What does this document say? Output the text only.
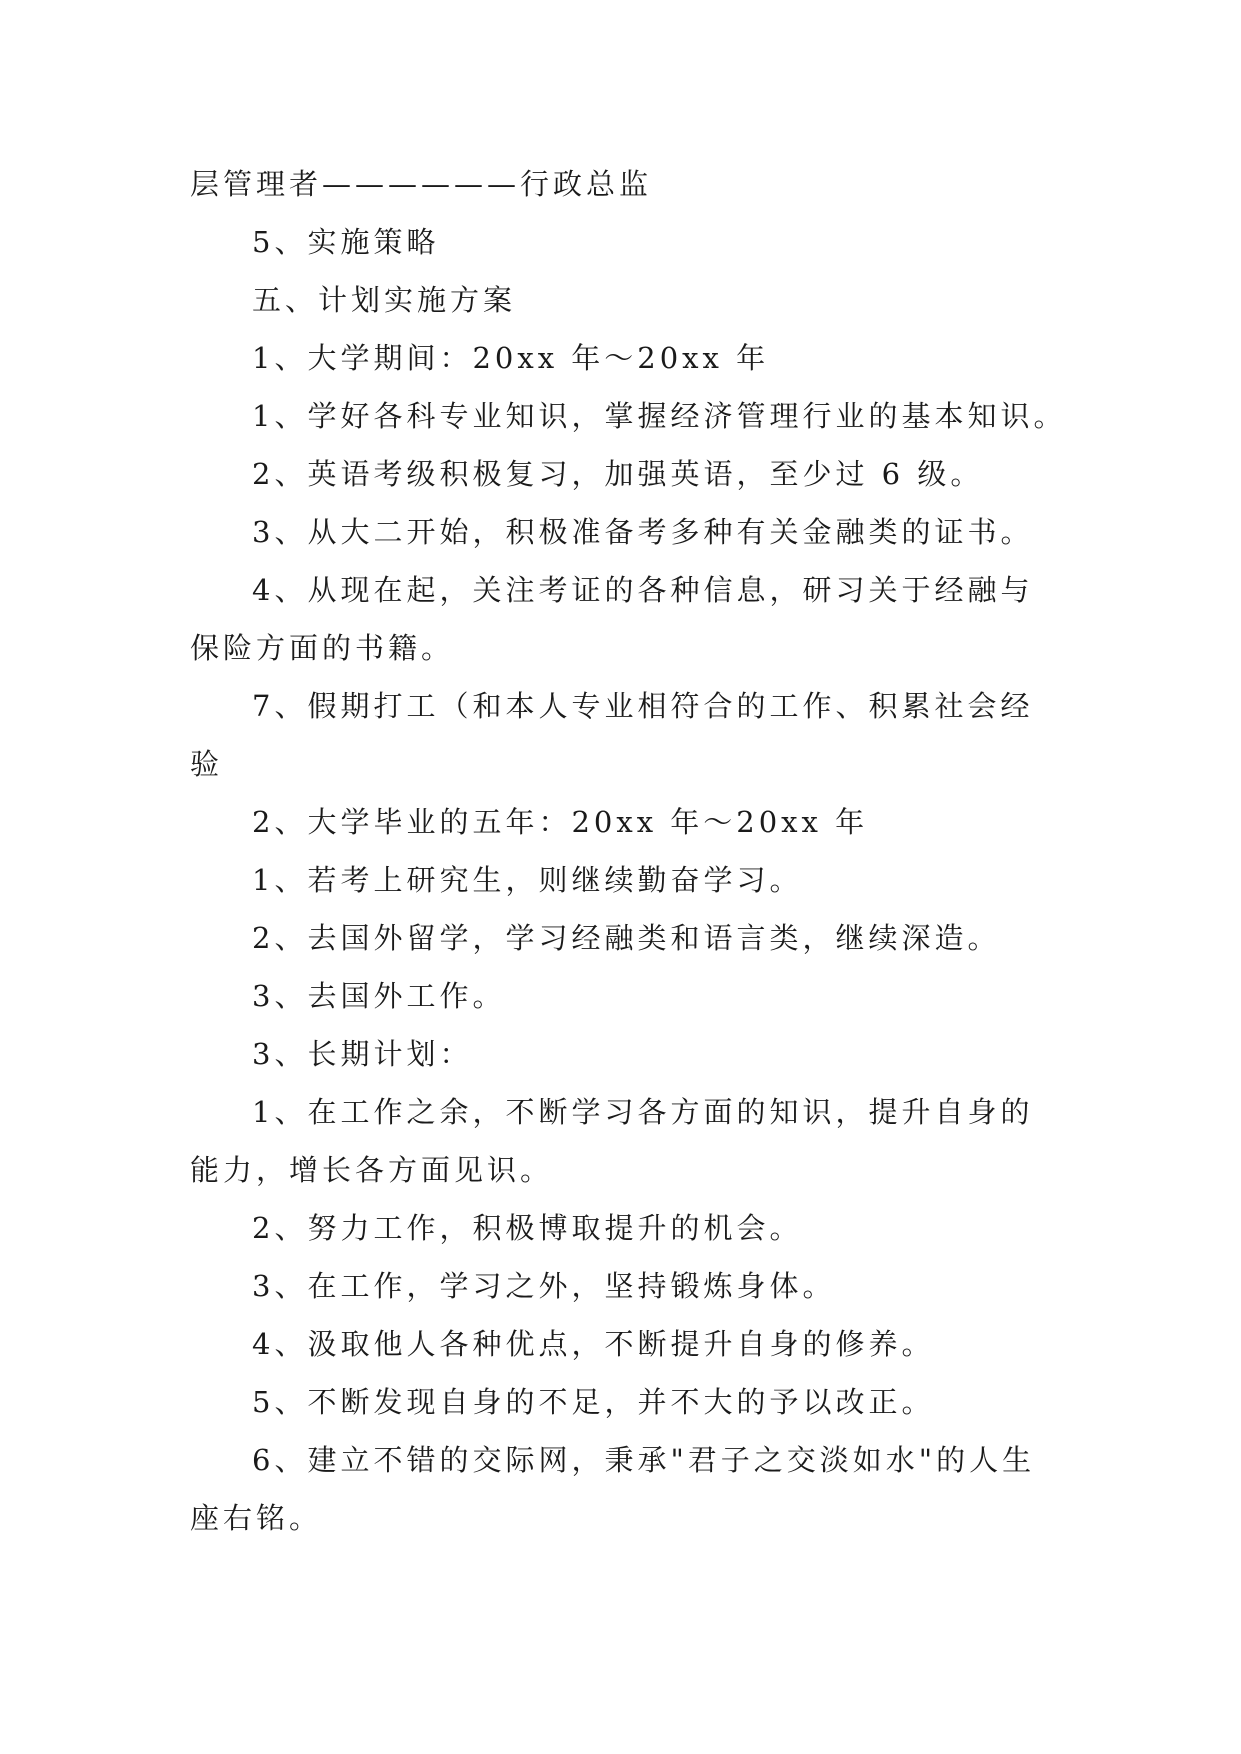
层管理者——————行政总监
5、实施策略
五、计划实施方案
1、大学期间：20xx 年～20xx 年
1、学好各科专业知识，掌握经济管理行业的基本知识。
2、英语考级积极复习，加强英语，至少过 6 级。
3、从大二开始，积极准备考多种有关金融类的证书。
4、从现在起，关注考证的各种信息，研习关于经融与
保险方面的书籍。
7、假期打工（和本人专业相符合的工作、积累社会经
验
2、大学毕业的五年：20xx 年～20xx 年
1、若考上研究生，则继续勤奋学习。
2、去国外留学，学习经融类和语言类，继续深造。
3、去国外工作。
3、长期计划：
1、在工作之余，不断学习各方面的知识，提升自身的
能力，增长各方面见识。
2、努力工作，积极博取提升的机会。
3、在工作，学习之外，坚持锻炼身体。
4、汲取他人各种优点，不断提升自身的修养。
5、不断发现自身的不足，并不大的予以改正。
6、建立不错的交际网，秉承"君子之交淡如水"的人生
座右铭。
